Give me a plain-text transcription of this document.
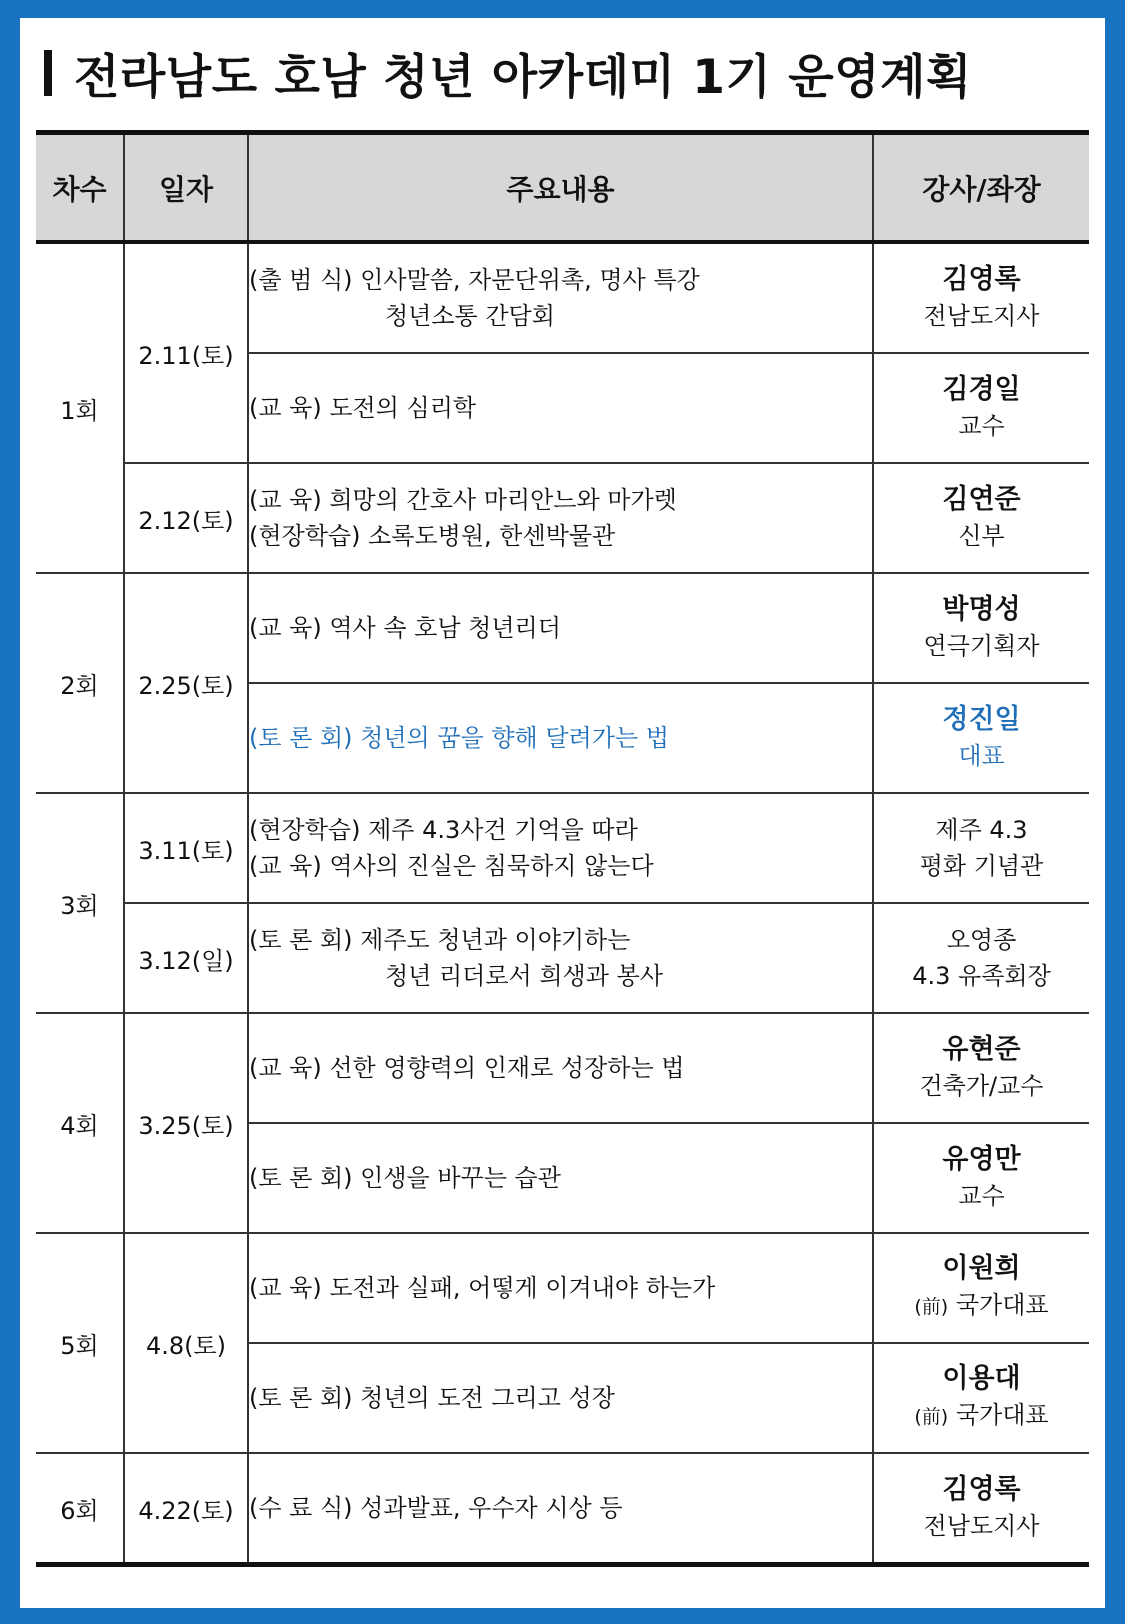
전라남도 호남 청년 아카데미 1기 운영계획
차수	일자	주요내용	강사/좌장
1회	2.11(토)	(출 범 식) 인사말씀, 자문단위촉, 명사 특강
청년소통 간담회	김영록
전남도지사

		(교 육) 도전의 심리학	김경일
교수

	2.12(토)	(교 육) 희망의 간호사 마리안느와 마가렛
(현장학습) 소록도병원, 한센박물관	김연준
신부

2회	2.25(토)	(교 육) 역사 속 호남 청년리더	박명성
연극기획자

		(토 론 회) 청년의 꿈을 향해 달려가는 법	정진일
대표

3회	3.11(토)	(현장학습) 제주 4.3사건 기억을 따라
(교 육) 역사의 진실은 침묵하지 않는다	제주 4.3
평화 기념관

	3.12(일)	(토 론 회) 제주도 청년과 이야기하는
청년 리더로서 희생과 봉사	오영종
4.3 유족회장

4회	3.25(토)	(교 육) 선한 영향력의 인재로 성장하는 법	유현준
건축가/교수

		(토 론 회) 인생을 바꾸는 습관	유영만
교수

5회	4.8(토)	(교 육) 도전과 실패, 어떻게 이겨내야 하는가	이원희
(前) 국가대표

		(토 론 회) 청년의 도전 그리고 성장	이용대
(前) 국가대표

6회	4.22(토)	(수 료 식) 성과발표, 우수자 시상 등	김영록
전남도지사
